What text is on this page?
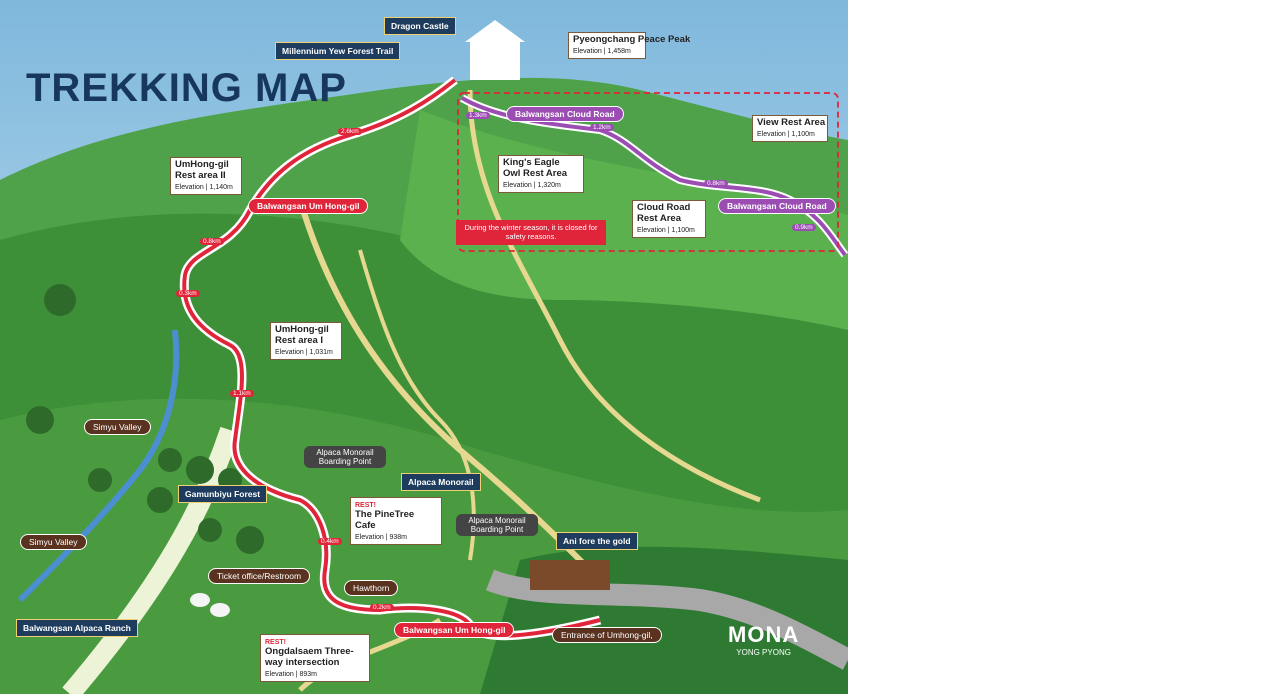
TREKKING MAP
Dragon Castle
Millennium Yew Forest Trail
Pyeongchang Peace Peak
Elevation | 1,458m
Balwangsan Cloud Road
Balwangsan Cloud Road
View Rest Area
Elevation | 1,100m
King's Eagle Owl Rest Area
Elevation | 1,320m
Cloud Road Rest Area
Elevation | 1,100m
During the winter season, it is closed for safety reasons.
UmHong-gil Rest area II
Elevation | 1,140m
Balwangsan Um Hong-gil
UmHong-gil Rest area I
Elevation | 1,031m
Simyu Valley
Simyu Valley
Gamunbiyu Forest
Alpaca Monorail Boarding Point
Alpaca Monorail
REST!
The PineTree Cafe
Elevation | 938m
Alpaca Monorail Boarding Point
Ani fore the gold
Ticket office/Restroom
Hawthorn
Balwangsan Alpaca Ranch
REST!
Ongdalsaem Three-way intersection
Elevation | 893m
Balwangsan Um Hong-gil	Entrance of Umhong-gil,
2.6km
0.8km
0.3km
1.1km
0.4km
0.2km
1.3km
1.2km
0.8km
0.9km
MONA
YONG PYONG
